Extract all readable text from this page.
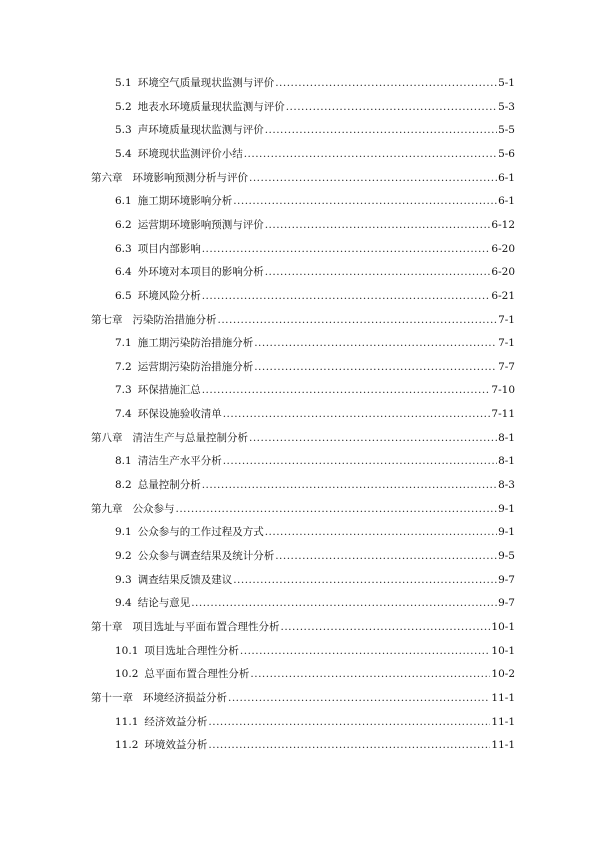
5.1 环境空气质量现状监测与评价 .....	5-1
5.2 地表水环境质量现状监测与评价 .....	5-3
5.3 声环境质量现状监测与评价 .....	5-5
5.4 环境现状监测评价小结 .....	5-6
第六章 环境影响预测分析与评价 .....	6-1
6.1 施工期环境影响分析 .....	6-1
6.2 运营期环境影响预测与评价 .....	6-12
6.3 项目内部影响 .....	6-20
6.4 外环境对本项目的影响分析 .....	6-20
6.5 环境风险分析 .....	6-21
第七章 污染防治措施分析 .....	7-1
7.1 施工期污染防治措施分析 .....	7-1
7.2 运营期污染防治措施分析 .....	7-7
7.3 环保措施汇总 .....	7-10
7.4 环保设施验收清单 .....	7-11
第八章 清洁生产与总量控制分析 .....	8-1
8.1 清洁生产水平分析 .....	8-1
8.2 总量控制分析 .....	8-3
第九章 公众参与 .....	9-1
9.1 公众参与的工作过程及方式 .....	9-1
9.2 公众参与调查结果及统计分析 .....	9-5
9.3 调查结果反馈及建议 .....	9-7
9.4 结论与意见 .....	9-7
第十章 项目选址与平面布置合理性分析 .....	10-1
10.1 项目选址合理性分析 .....	10-1
10.2 总平面布置合理性分析 .....	10-2
第十一章 环境经济损益分析 .....	11-1
11.1 经济效益分析 .....	11-1
11.2 环境效益分析 .....	11-1
